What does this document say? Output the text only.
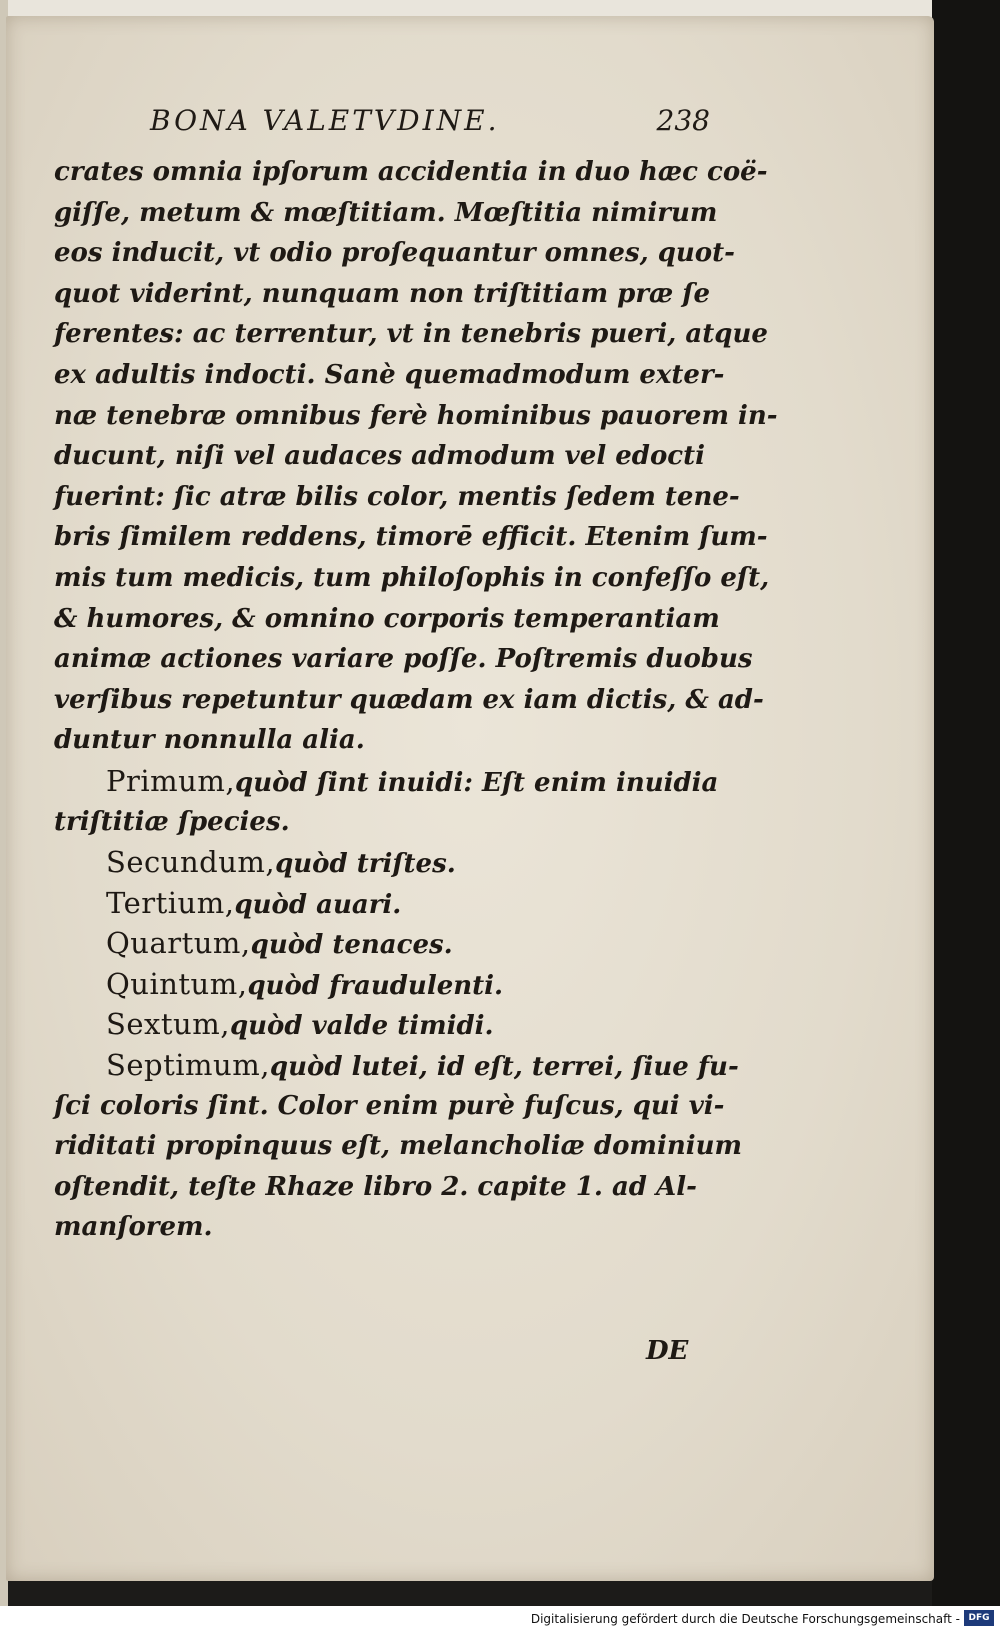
BONA VALETVDINE.	238
crates omnia ipſorum accidentia in duo hæc coë-
giſſe, metum & mœſtitiam. Mœſtitia nimirum
eos inducit, vt odio proſequantur omnes, quot-
quot viderint, nunquam non triſtitiam præ ſe
ferentes: ac terrentur, vt in tenebris pueri, atque
ex adultis indocti. Sanè quemadmodum exter-
næ tenebræ omnibus ferè hominibus pauorem in-
ducunt, niſi vel audaces admodum vel edocti
fuerint: ſic atræ bilis color, mentis ſedem tene-
bris ſimilem reddens, timorē efficit. Etenim ſum-
mis tum medicis, tum philoſophis in confeſſo eſt,
& humores, & omnino corporis temperantiam
animæ actiones variare poſſe. Poſtremis duobus
verſibus repetuntur quædam ex iam dictis, & ad-
duntur nonnulla alia.
Primum,quòd ſint inuidi: Eſt enim inuidia
triſtitiæ ſpecies.
Secundum,quòd triſtes.
Tertium,quòd auari.
Quartum,quòd tenaces.
Quintum,quòd fraudulenti.
Sextum,quòd valde timidi.
Septimum,quòd lutei, id eſt, terrei, ſiue fu-
ſci coloris ſint. Color enim purè fuſcus, qui vi-
riditati propinquus eſt, melancholiæ dominium
oſtendit, teſte Rhaze libro 2. capite 1. ad Al-
manſorem.
DE
Digitalisierung gefördert durch die Deutsche Forschungsgemeinschaft - DFG
